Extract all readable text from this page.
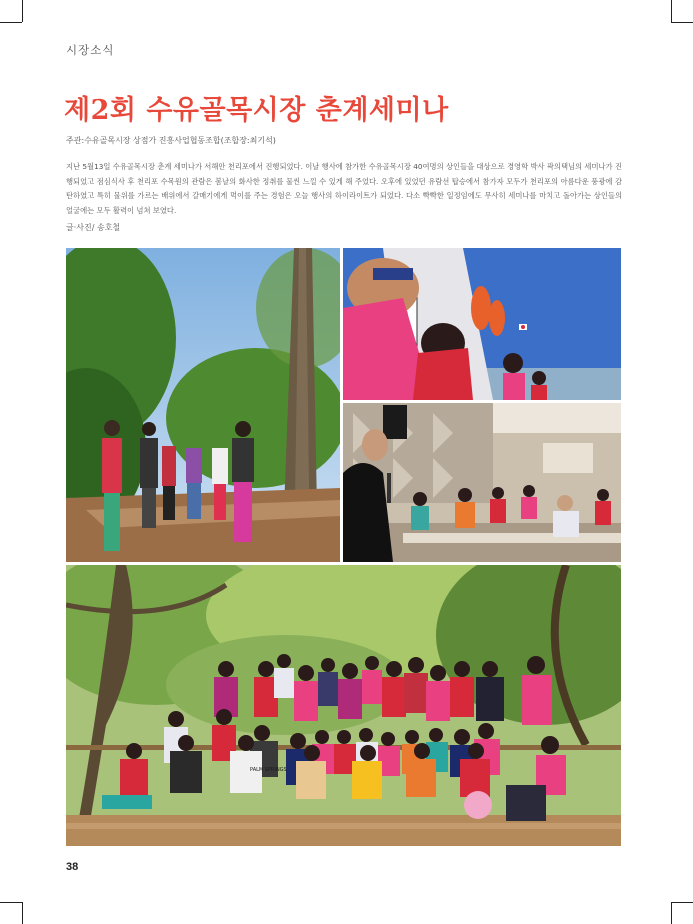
시장소식
제2회 수유골목시장 춘계세미나
주관:수유골목시장 상점가 진흥사업협동조합(조합장:최기석)

지난 5월13일 수유골목시장 춘계 세미나가 서해안 천리포에서 진행되었다. 이날 행사에 참가한 수유골목시장 40여명의 상인들을 대상으로 경영학 박사 곽의택님의 세미나가 진행되었고 점심식사 후 천리포 수목원의 관람은 봄날의 화사한 정취를 물씬 느낄 수 있게 해 주었다. 오후에 있었던 유람선 탑승에서 참가자 모두가 천리포의 아름다운 풍광에 감탄하였고 특히 물위를 가르는 배위에서 갈매기에게 먹이를 주는 경험은 오늘 행사의 하이라이트가 되었다. 다소 빡빡한 일정임에도 무사히 세미나를 마치고 돌아가는 상인들의 얼굴에는 모두 활력이 넘쳐 보였다.

글·사진/ 송호철
PALM SPRINGS
38
